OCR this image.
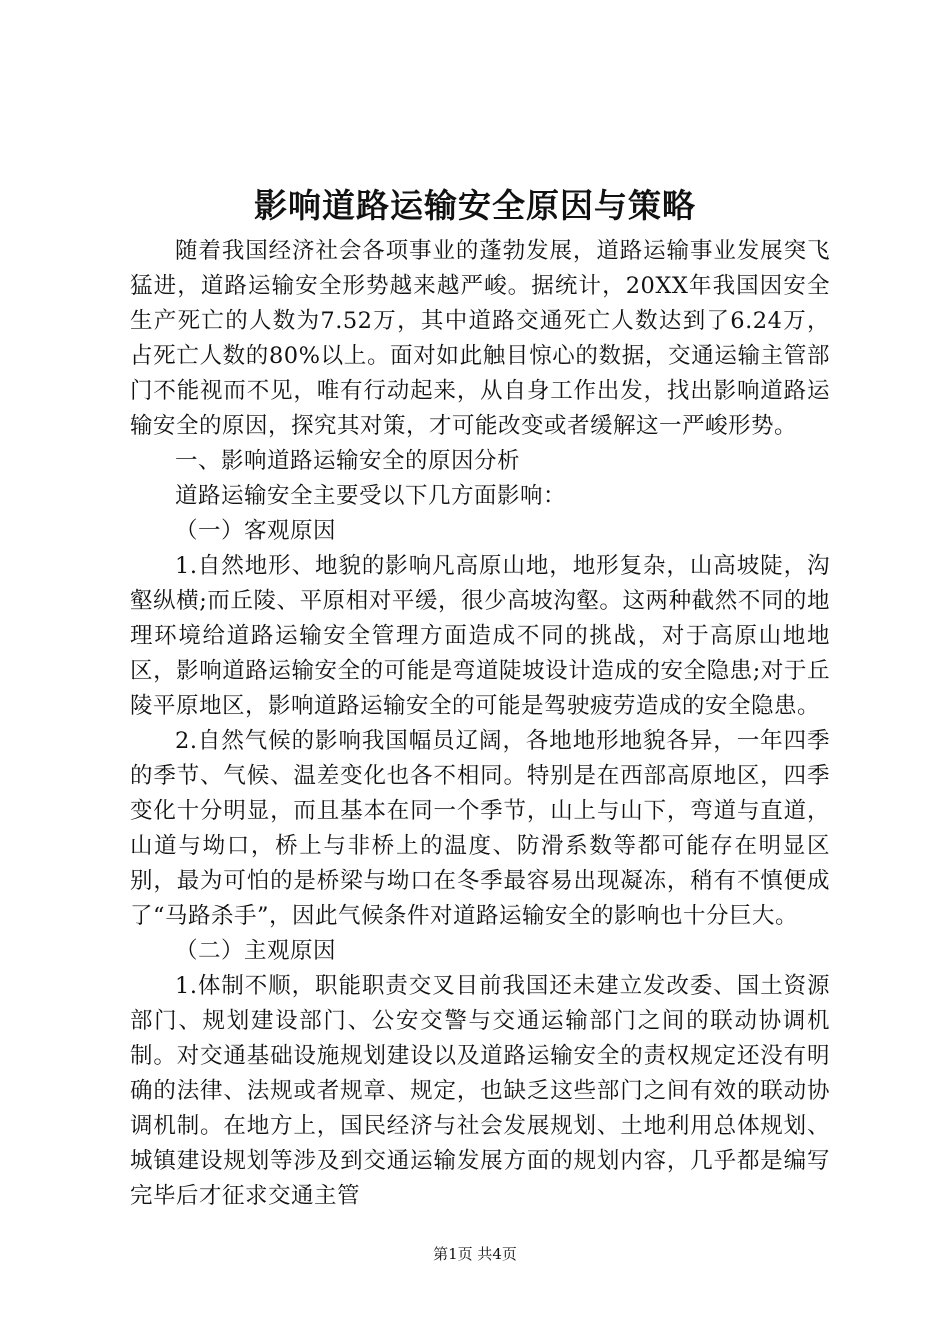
影响道路运输安全原因与策略

随着我国经济社会各项事业的蓬勃发展，道路运输事业发展突飞猛进，道路运输安全形势越来越严峻。据统计，20XX年我国因安全生产死亡的人数为7.52万，其中道路交通死亡人数达到了6.24万，占死亡人数的80%以上。面对如此触目惊心的数据，交通运输主管部门不能视而不见，唯有行动起来，从自身工作出发，找出影响道路运输安全的原因，探究其对策，才可能改变或者缓解这一严峻形势。

一、影响道路运输安全的原因分析

道路运输安全主要受以下几方面影响：

（一）客观原因

1.自然地形、地貌的影响凡高原山地，地形复杂，山高坡陡，沟壑纵横;而丘陵、平原相对平缓，很少高坡沟壑。这两种截然不同的地理环境给道路运输安全管理方面造成不同的挑战，对于高原山地地区，影响道路运输安全的可能是弯道陡坡设计造成的安全隐患;对于丘陵平原地区，影响道路运输安全的可能是驾驶疲劳造成的安全隐患。

2.自然气候的影响我国幅员辽阔，各地地形地貌各异，一年四季的季节、气候、温差变化也各不相同。特别是在西部高原地区，四季变化十分明显，而且基本在同一个季节，山上与山下，弯道与直道，山道与坳口，桥上与非桥上的温度、防滑系数等都可能存在明显区别，最为可怕的是桥梁与坳口在冬季最容易出现凝冻，稍有不慎便成了“马路杀手”，因此气候条件对道路运输安全的影响也十分巨大。

（二）主观原因

1.体制不顺，职能职责交叉目前我国还未建立发改委、国土资源部门、规划建设部门、公安交警与交通运输部门之间的联动协调机制。对交通基础设施规划建设以及道路运输安全的责权规定还没有明确的法律、法规或者规章、规定，也缺乏这些部门之间有效的联动协调机制。在地方上，国民经济与社会发展规划、土地利用总体规划、城镇建设规划等涉及到交通运输发展方面的规划内容，几乎都是编写完毕后才征求交通主管

第1页 共4页
